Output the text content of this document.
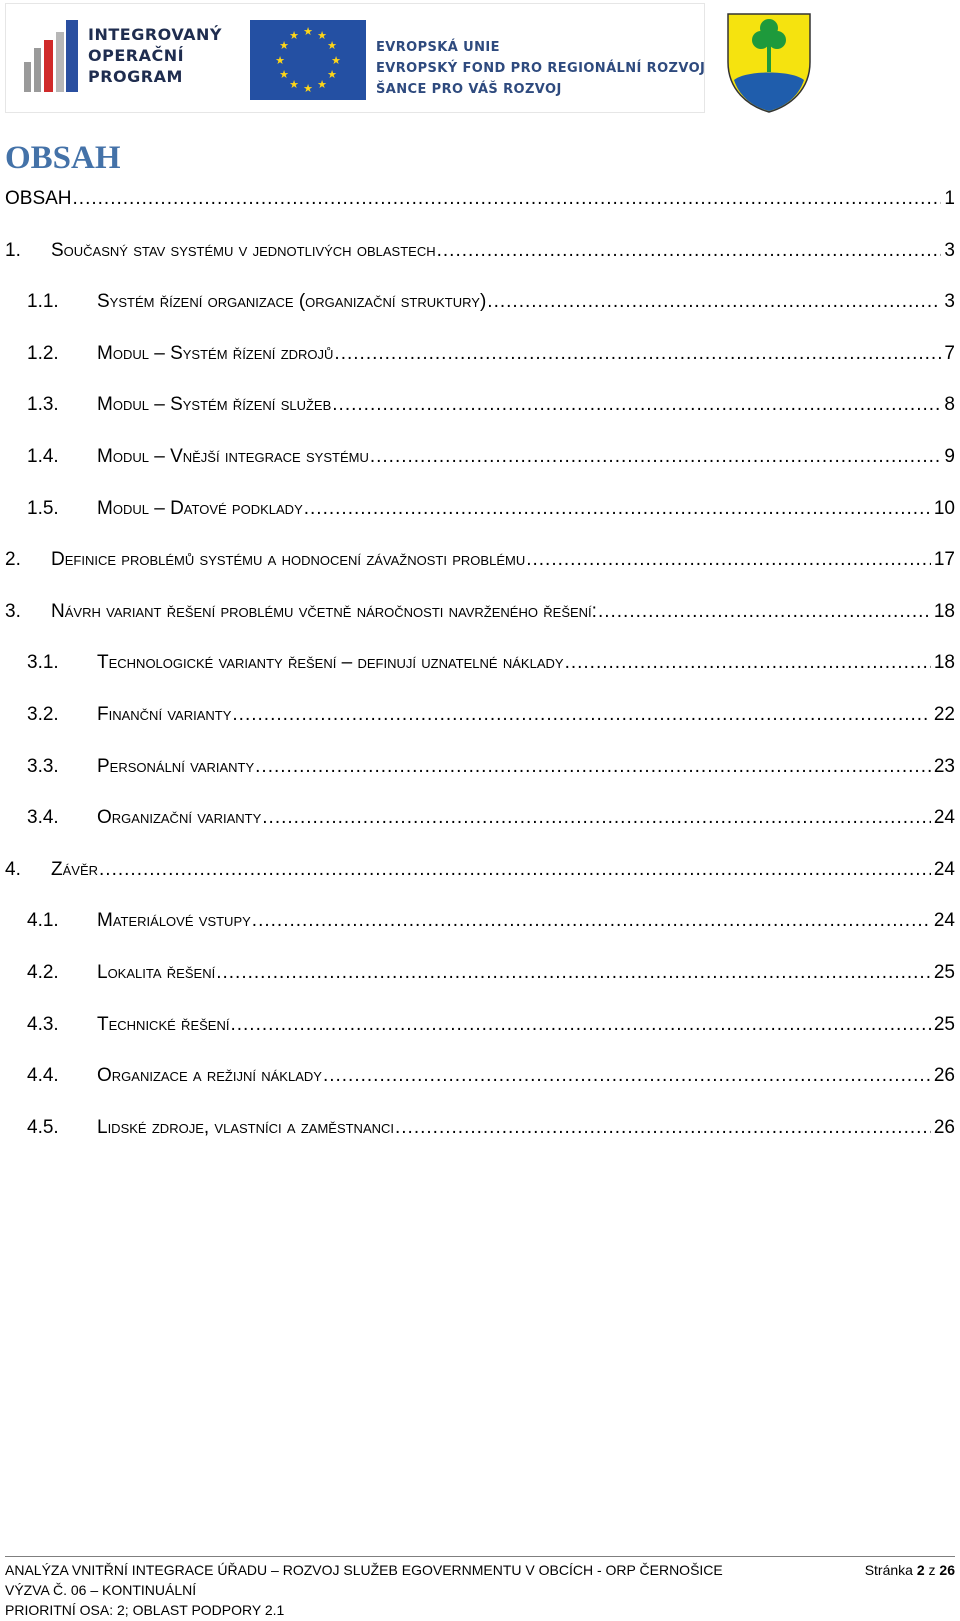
INTEGROVANÝ
OPERAČNÍ
PROGRAM
★ ★
★
★
★
★
★
★
★
★
★
★
EVROPSKÁ UNIE
EVROPSKÝ FOND PRO REGIONÁLNÍ ROZVOJ
ŠANCE PRO VÁŠ ROZVOJ
OBSAH
OBSAH .....	1
1.	Současný stav systému v jednotlivých oblastech .....	3
1.1.	Systém řízení organizace (organizační struktury) .....	3
1.2.	Modul – Systém řízení zdrojů .....	7
1.3.	Modul – Systém řízení služeb .....	8
1.4.	Modul – Vnější integrace systému .....	9
1.5.	Modul – Datové podklady .....	10
2.	Definice problémů systému a hodnocení závažnosti problému .....	17
3.	Návrh variant řešení problému včetně náročnosti navrženého řešení: .....	18
3.1.	Technologické varianty řešení – definují uznatelné náklady .....	18
3.2.	Finanční varianty .....	22
3.3.	Personální varianty .....	23
3.4.	Organizační varianty .....	24
4.	Závěr .....	24
4.1.	Materiálové vstupy .....	24
4.2.	Lokalita řešení .....	25
4.3.	Technické řešení .....	25
4.4.	Organizace a režijní náklady .....	26
4.5.	Lidské zdroje, vlastníci a zaměstnanci .....	26
ANALÝZA VNITŘNÍ INTEGRACE ÚŘADU – ROZVOJ SLUŽEB EGOVERNMENTU V OBCÍCH - ORP ČERNOŠICE	Stránka 2 z 26
VÝZVA Č. 06 – KONTINUÁLNÍ
PRIORITNÍ OSA: 2; OBLAST PODPORY 2.1
